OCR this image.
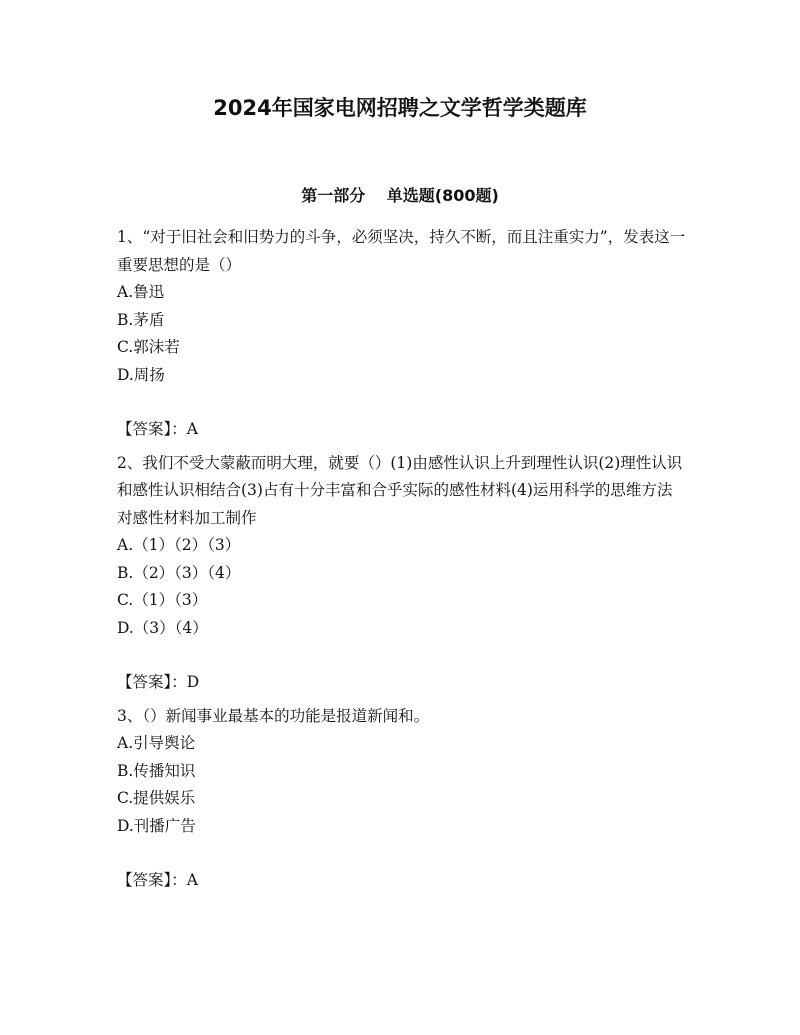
2024年国家电网招聘之文学哲学类题库
第一部分　 单选题(800题)
1、“对于旧社会和旧势力的斗争，必须坚决，持久不断，而且注重实力”，发表这一重要思想的是（）
A.鲁迅
B.茅盾
C.郭沫若
D.周扬
【答案】：A
2、我们不受大蒙蔽而明大理，就要（）(1)由感性认识上升到理性认识(2)理性认识和感性认识相结合(3)占有十分丰富和合乎实际的感性材料(4)运用科学的思维方法对感性材料加工制作
A.（1）（2）（3）
B.（2）（3）（4）
C.（1）（3）
D.（3）（4）
【答案】：D
3、（）新闻事业最基本的功能是报道新闻和。
A.引导舆论
B.传播知识
C.提供娱乐
D.刊播广告
【答案】：A
